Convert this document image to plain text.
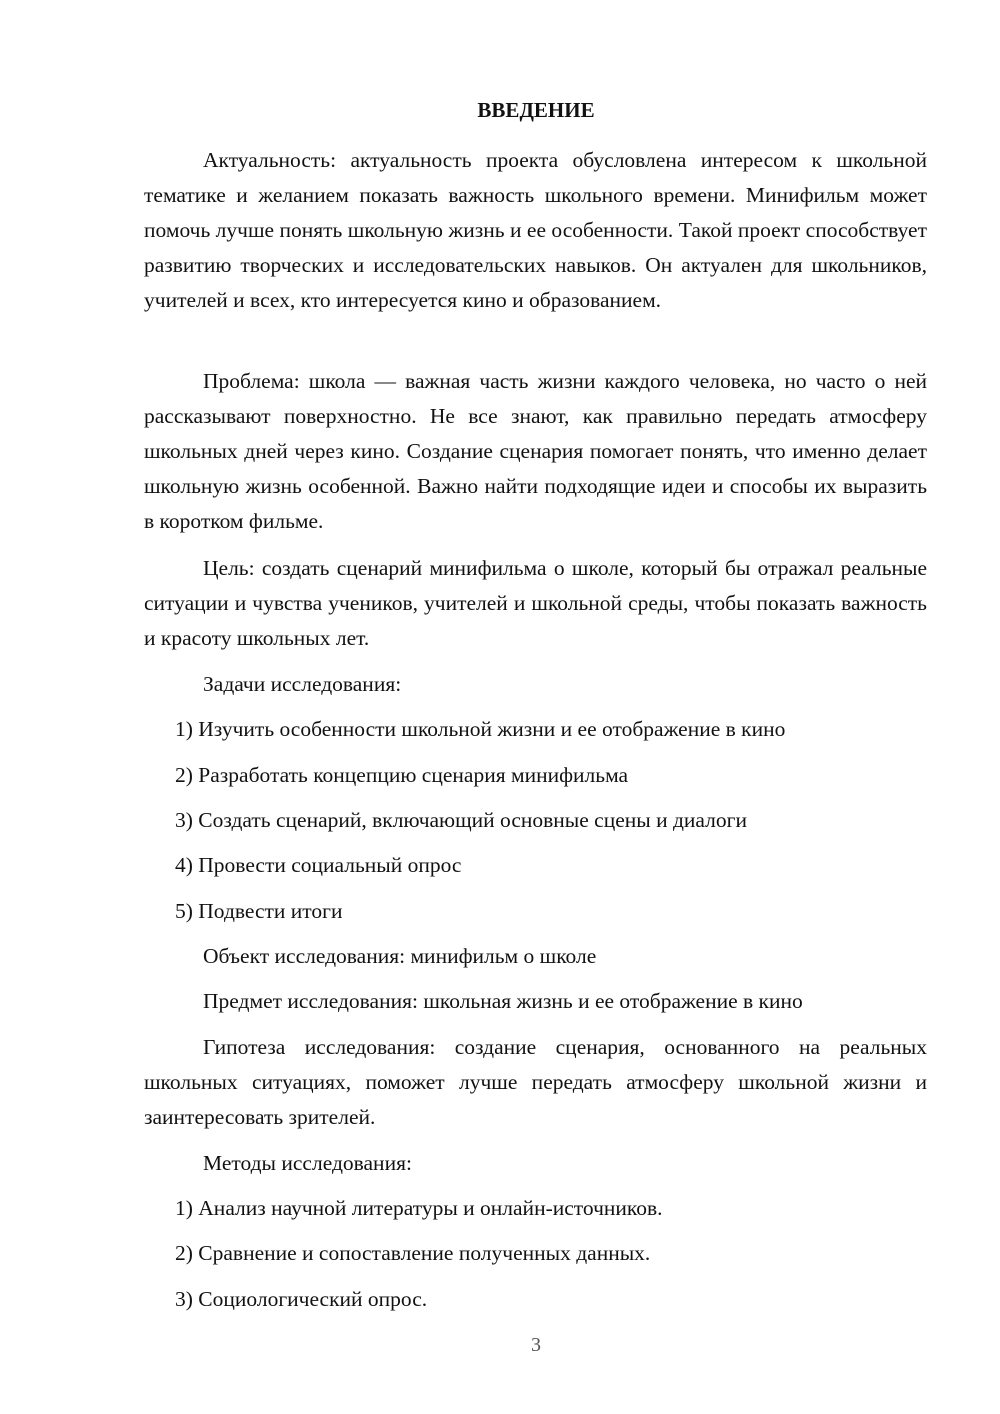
ВВЕДЕНИЕ

Актуальность: актуальность проекта обусловлена интересом к школьной тематике и желанием показать важность школьного времени. Минифильм может помочь лучше понять школьную жизнь и ее особенности. Такой проект способствует развитию творческих и исследовательских навыков. Он актуален для школьников, учителей и всех, кто интересуется кино и образованием.

Проблема: школа — важная часть жизни каждого человека, но часто о ней рассказывают поверхностно. Не все знают, как правильно передать атмосферу школьных дней через кино. Создание сценария помогает понять, что именно делает школьную жизнь особенной. Важно найти подходящие идеи и способы их выразить в коротком фильме.

Цель: создать сценарий минифильма о школе, который бы отражал реальные ситуации и чувства учеников, учителей и школьной среды, чтобы показать важность и красоту школьных лет.

Задачи исследования:

1) Изучить особенности школьной жизни и ее отображение в кино

2) Разработать концепцию сценария минифильма

3) Создать сценарий, включающий основные сцены и диалоги

4) Провести социальный опрос

5) Подвести итоги

Объект исследования: минифильм о школе

Предмет исследования: школьная жизнь и ее отображение в кино

Гипотеза исследования: создание сценария, основанного на реальных школьных ситуациях, поможет лучше передать атмосферу школьной жизни и заинтересовать зрителей.

Методы исследования:

1) Анализ научной литературы и онлайн-источников.

2) Сравнение и сопоставление полученных данных.

3) Социологический опрос.

3
